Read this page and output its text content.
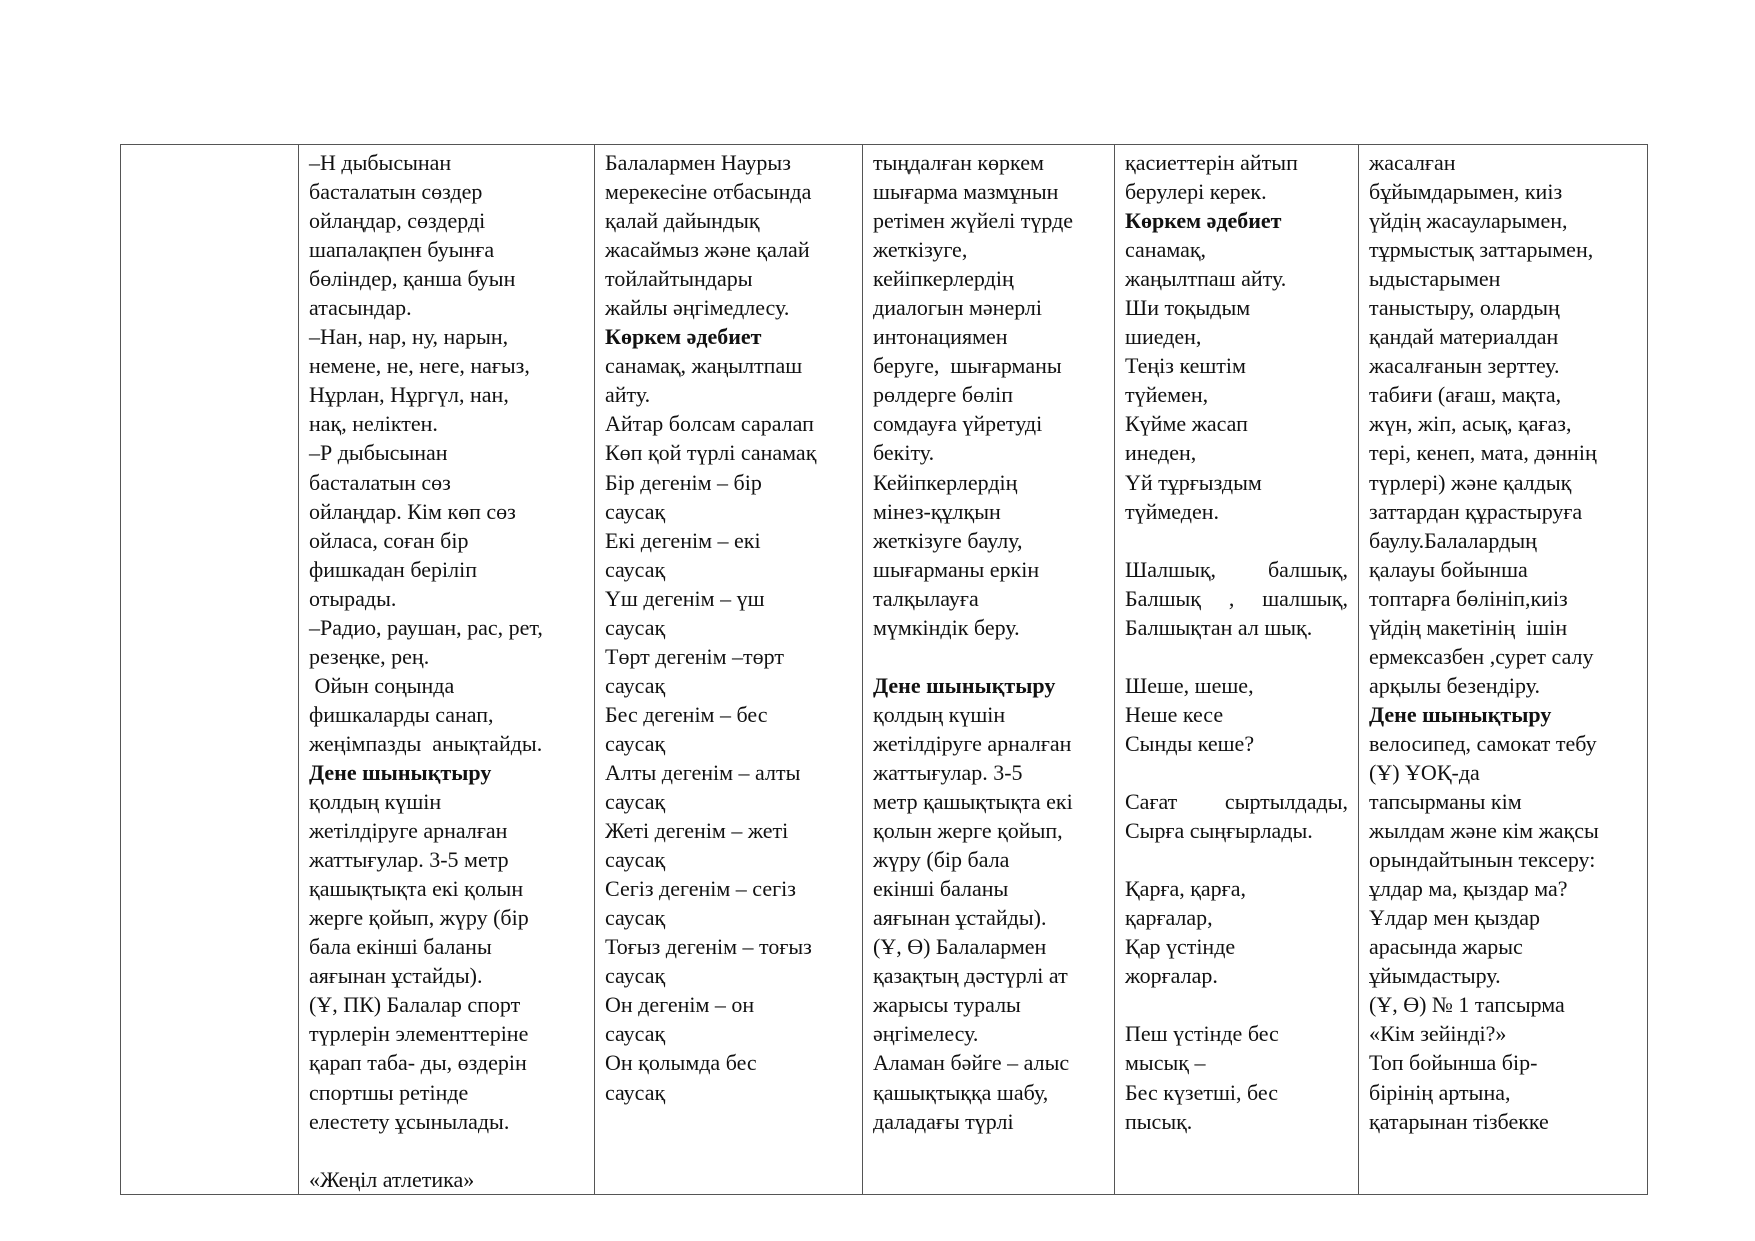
–Н дыбысынан
басталатын сөздер
ойлаңдар, сөздерді
шапалақпен буынға
бөліндер, қанша буын
атасындар.
–Нан, нар, ну, нарын,
немене, не, неге, нағыз,
Нұрлан, Нұргүл, нан,
нақ, неліктен.
–Р дыбысынан
басталатын сөз
ойлаңдар. Кім көп сөз
ойласа, соған бір
фишкадан беріліп
отырады.
–Радио, раушан, рас, рет,
резеңке, рең.
Ойын соңында
фишкаларды санап,
жеңімпазды  анықтайды.
Дене шынықтыру
қолдың күшін
жетілдіруге арналған
жаттығулар. 3-5 метр
қашықтықта екі қолын
жерге қойып, жүру (бір
бала екінші баланы
аяғынан ұстайды).
(Ұ, ПК) Балалар спорт
түрлерін элементтеріне
қарап таба- ды, өздерін
спортшы ретінде
елестету ұсынылады.
«Жеңіл атлетика»

Балалармен Наурыз
мерекесіне отбасында
қалай дайындық
жасаймыз және қалай
тойлайтындары
жайлы әңгімедлесу.
Көркем әдебиет
санамақ, жаңылтпаш
айту.
Айтар болсам саралап
Көп қой түрлі санамақ
Бір дегенім – бір
саусақ
Екі дегенім – екі
саусақ
Үш дегенім – үш
саусақ
Төрт дегенім –төрт
саусақ
Бес дегенім – бес
саусақ
Алты дегенім – алты
саусақ
Жеті дегенім – жеті
саусақ
Сегіз дегенім – сегіз
саусақ
Тоғыз дегенім – тоғыз
саусақ
Он дегенім – он
саусақ
Он қолымда бес
саусақ

тыңдалған көркем
шығарма мазмұнын
ретімен жүйелі түрде
жеткізуге,
кейіпкерлердің
диалогын мәнерлі
интонациямен
беруге,  шығарманы
рөлдерге бөліп
сомдауға үйретуді
бекіту.
Кейіпкерлердің
мінез-құлқын
жеткізуге баулу,
шығарманы еркін
талқылауға
мүмкіндік беру.
Дене шынықтыру
қолдың күшін
жетілдіруге арналған
жаттығулар. 3-5
метр қашықтықта екі
қолын жерге қойып,
жүру (бір бала
екінші баланы
аяғынан ұстайды).
(Ұ, Ө) Балалармен
қазақтың дәстүрлі ат
жарысы туралы
әңгімелесу.
Аламан бәйге – алыс
қашықтыққа шабу,
даладағы түрлі

қасиеттерін айтып
берулері керек.
Көркем әдебиет
санамақ,
жаңылтпаш айту.
Ши тоқыдым
шиеден,
Теңіз кештім
түйемен,
Күйме жасап
инеден,
Үй тұрғыздым
түймеден.
Шалшық, балшық,
Балшық , шалшық,
Балшықтан ал шық.
Шеше, шеше,
Неше кесе
Сынды кеше?
Сағат сыртылдады,
Сырға сыңғырлады.
Қарға, қарға,
қарғалар,
Қар үстінде
жорғалар.
Пеш үстінде бес
мысық –
Бес күзетші, бес
пысық.

жасалған
бұйымдарымен, киіз
үйдің жасауларымен,
тұрмыстық заттарымен,
ыдыстарымен
таныстыру, олардың
қандай материалдан
жасалғанын зерттеу.
табиғи (ағаш, мақта,
жүн, жіп, асық, қағаз,
тері, кенеп, мата, дәннің
түрлері) және қалдық
заттардан құрастыруға
баулу.Балалардың
қалауы бойынша
топтарға бөлініп,киіз
үйдің макетінің  ішін
ермексазбен ,сурет салу
арқылы безендіру.
Дене шынықтыру
велосипед, самокат тебу
(Ұ) ҰОҚ-да
тапсырманы кім
жылдам және кім жақсы
орындайтынын тексеру:
ұлдар ма, қыздар ма?
Ұлдар мен қыздар
арасында жарыс
ұйымдастыру.
(Ұ, Ө) № 1 тапсырма
«Кім зейінді?»
Топ бойынша бір-
бірінің артына,
қатарынан тізбекке
